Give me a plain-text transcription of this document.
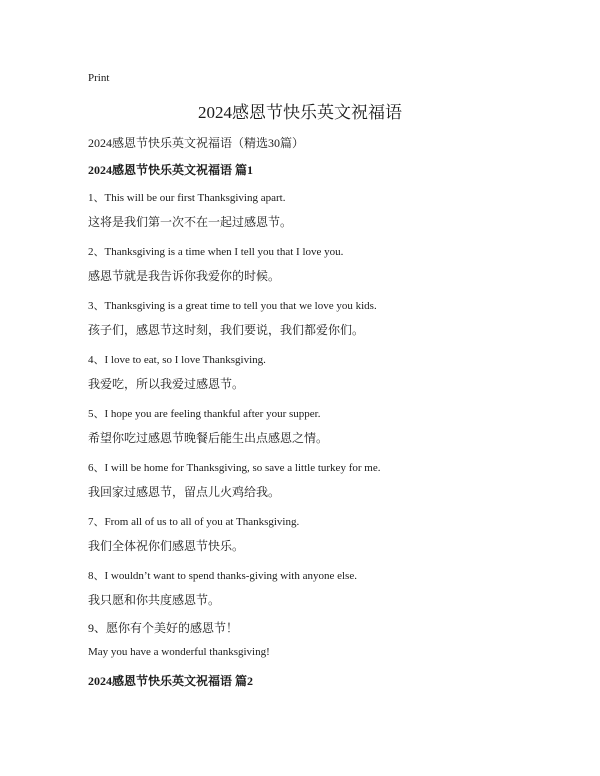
Print
2024感恩节快乐英文祝福语
2024感恩节快乐英文祝福语（精选30篇）
2024感恩节快乐英文祝福语 篇1
1、This will be our first Thanksgiving apart.
这将是我们第一次不在一起过感恩节。
2、Thanksgiving is a time when I tell you that I love you.
感恩节就是我告诉你我爱你的时候。
3、Thanksgiving is a great time to tell you that we love you kids.
孩子们，感恩节这时刻，我们要说，我们都爱你们。
4、I love to eat, so I love Thanksgiving.
我爱吃，所以我爱过感恩节。
5、I hope you are feeling thankful after your supper.
希望你吃过感恩节晚餐后能生出点感恩之情。
6、I will be home for Thanksgiving, so save a little turkey for me.
我回家过感恩节，留点儿火鸡给我。
7、From all of us to all of you at Thanksgiving.
我们全体祝你们感恩节快乐。
8、I wouldn’t want to spend thanks-giving with anyone else.
我只愿和你共度感恩节。
9、愿你有个美好的感恩节！
May you have a wonderful thanksgiving!
2024感恩节快乐英文祝福语 篇2
